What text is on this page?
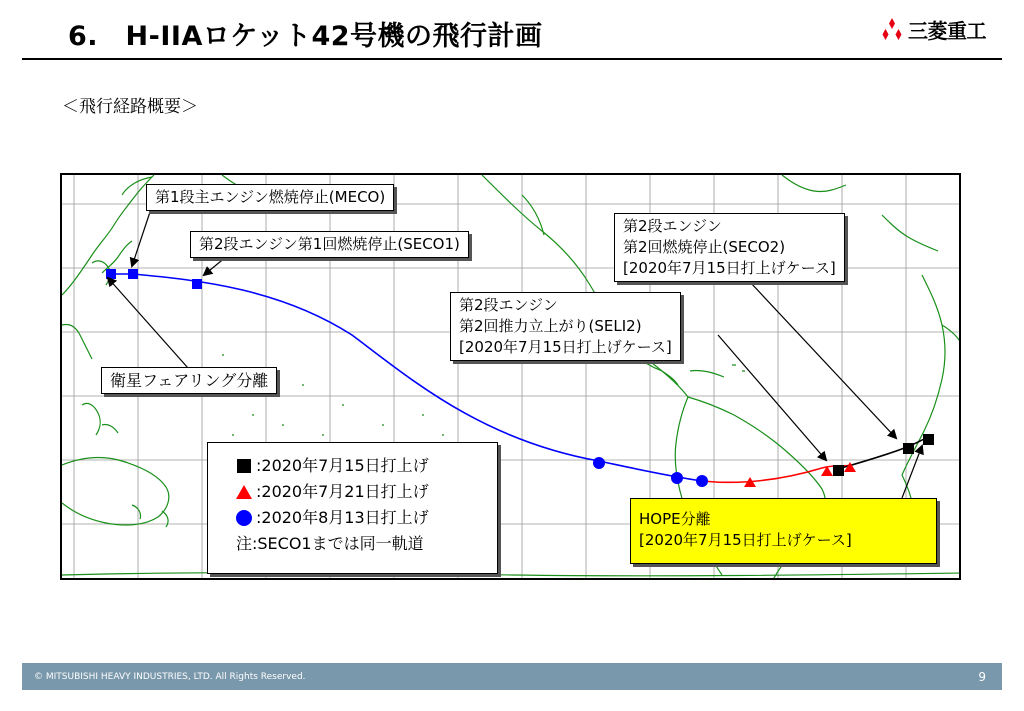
6.　H-IIAロケット42号機の飛行計画	三菱重工
＜飛行経路概要＞
第1段主エンジン燃焼停止(MECO)
第2段エンジン第1回燃焼停止(SECO1)
衛星フェアリング分離
第2段エンジン
第2回推力立上がり(SELI2)
[2020年7月15日打上げケース]
第2段エンジン
第2回燃焼停止(SECO2)
[2020年7月15日打上げケース]
HOPE分離
[2020年7月15日打上げケース]
:2020年7月15日打上げ
:2020年7月21日打上げ
:2020年8月13日打上げ
注:SECO1までは同一軌道
© MITSUBISHI HEAVY INDUSTRIES, LTD. All Rights Reserved.	9
